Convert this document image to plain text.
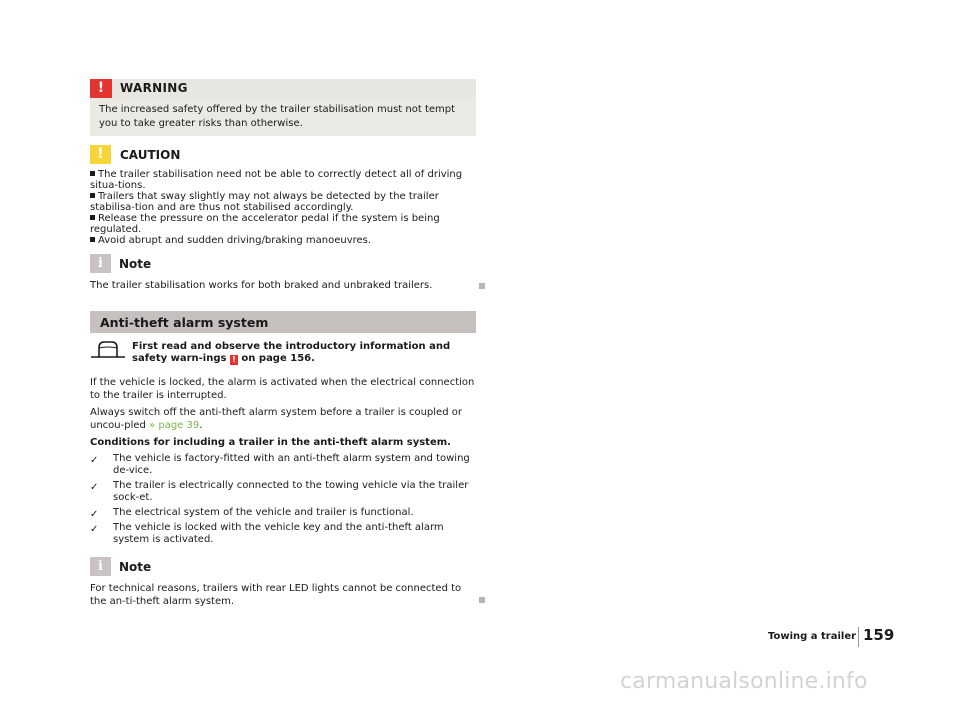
!	WARNING
The increased safety offered by the trailer stabilisation must not tempt you to take greater risks than otherwise.
!	CAUTION

The trailer stabilisation need not be able to correctly detect all of driving situa-tions.

Trailers that sway slightly may not always be detected by the trailer stabilisa-tion and are thus not stabilised accordingly.

Release the pressure on the accelerator pedal if the system is being regulated.

Avoid abrupt and sudden driving/braking manoeuvres.

i	Note
The trailer stabilisation works for both braked and unbraked trailers.
Anti-theft alarm system
First read and observe the introductory information and safety warn-ings ! on page 156.
If the vehicle is locked, the alarm is activated when the electrical connection to the trailer is interrupted.
Always switch off the anti-theft alarm system before a trailer is coupled or uncou-pled » page 39.
Conditions for including a trailer in the anti-theft alarm system.
✓ The vehicle is factory-fitted with an anti-theft alarm system and towing de-vice.
✓ The trailer is electrically connected to the towing vehicle via the trailer sock-et.
✓ The electrical system of the vehicle and trailer is functional.
✓ The vehicle is locked with the vehicle key and the anti-theft alarm system is activated.
i	Note
For technical reasons, trailers with rear LED lights cannot be connected to the an-ti-theft alarm system.
Towing a trailer 159
carmanualsonline.info
